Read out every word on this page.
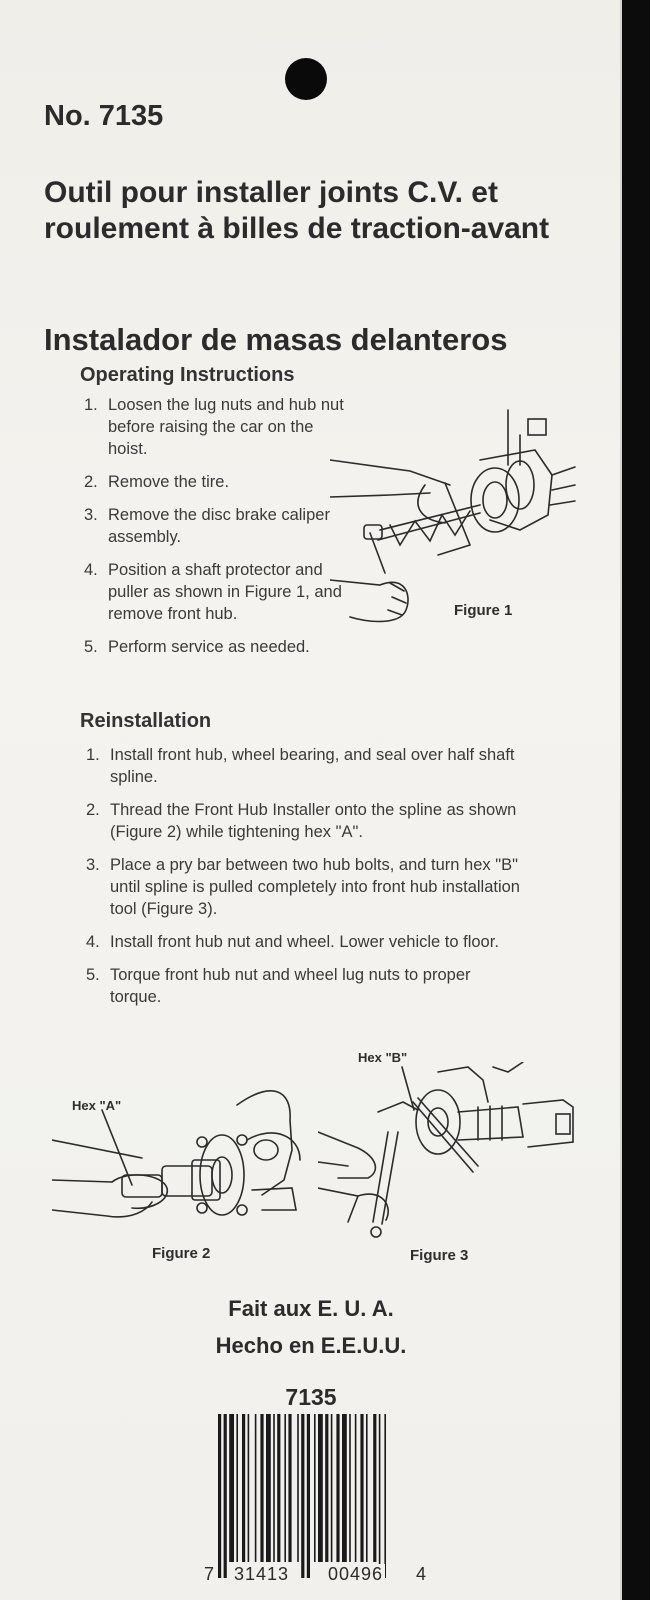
No. 7135
Outil pour installer joints C.V. et roulement à billes de traction-avant
Instalador de masas delanteros
Operating Instructions
1. Loosen the lug nuts and hub nut before raising the car on the hoist.
2. Remove the tire.
3. Remove the disc brake caliper assembly.
4. Position a shaft protector and puller as shown in Figure 1, and remove front hub.
5. Perform service as needed.
Figure 1
Reinstallation
1. Install front hub, wheel bearing, and seal over half shaft spline.
2. Thread the Front Hub Installer onto the spline as shown (Figure 2) while tightening hex "A".
3. Place a pry bar between two hub bolts, and turn hex "B" until spline is pulled completely into front hub installation tool (Figure 3).
4. Install front hub nut and wheel. Lower vehicle to floor.
5. Torque front hub nut and wheel lug nuts to proper torque.
Hex "A"
Figure 2
Hex "B"
Figure 3

Fait aux E. U. A.

Hecho en E.E.U.U.

7135
7 31413 00496 4
